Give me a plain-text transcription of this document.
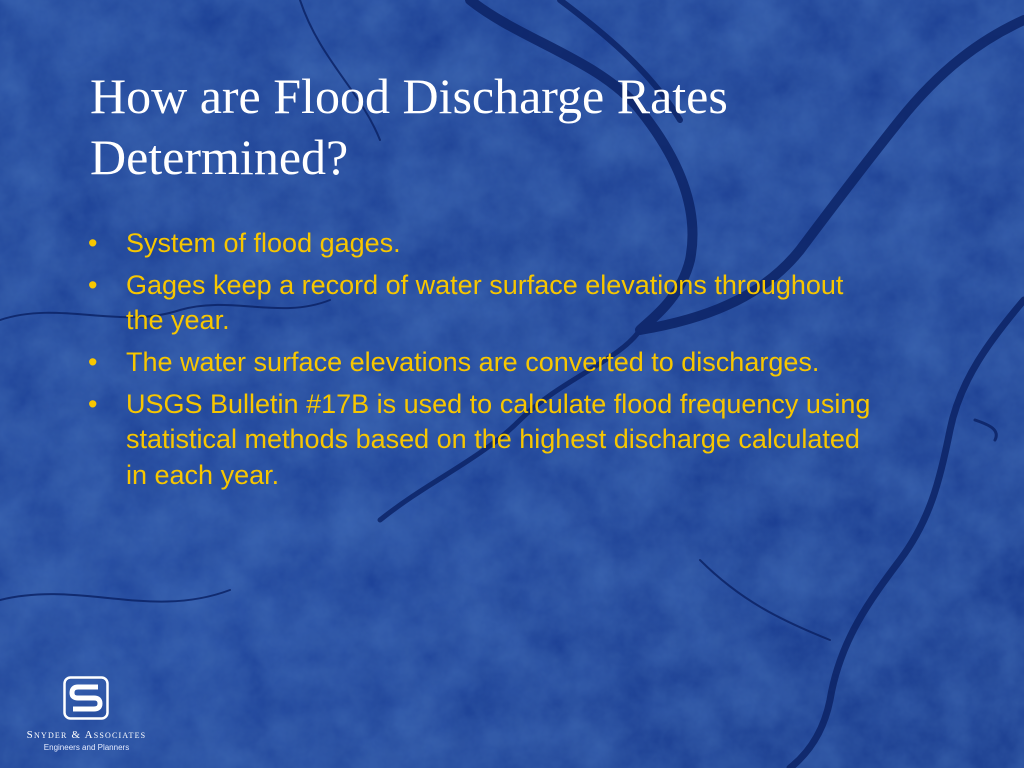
How are Flood Discharge Rates Determined?
• System of flood gages.
• Gages keep a record of water surface elevations throughout the year.
• The water surface elevations are converted to discharges.
• USGS Bulletin #17B is used to calculate flood frequency using statistical methods based on the highest discharge calculated in each year.
Snyder & Associates
Engineers and Planners
